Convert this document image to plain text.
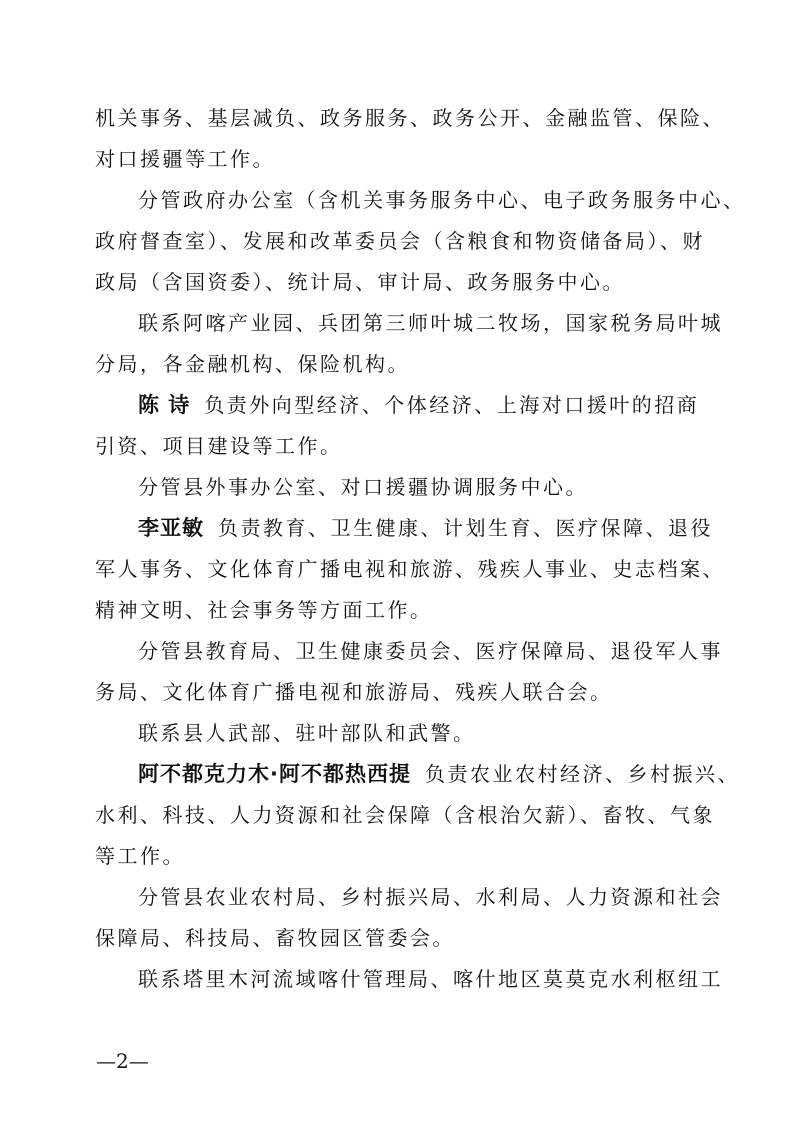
机关事务、基层减负、政务服务、政务公开、金融监管、保险、
对口援疆等工作。
分管政府办公室（含机关事务服务中心、电子政务服务中心、
政府督查室）、发展和改革委员会（含粮食和物资储备局）、财
政局（含国资委）、统计局、审计局、政务服务中心。
联系阿喀产业园、兵团第三师叶城二牧场，国家税务局叶城
分局，各金融机构、保险机构。
陈 诗 负责外向型经济、个体经济、上海对口援叶的招商
引资、项目建设等工作。
分管县外事办公室、对口援疆协调服务中心。
李亚敏 负责教育、卫生健康、计划生育、医疗保障、退役
军人事务、文化体育广播电视和旅游、残疾人事业、史志档案、
精神文明、社会事务等方面工作。
分管县教育局、卫生健康委员会、医疗保障局、退役军人事
务局、文化体育广播电视和旅游局、残疾人联合会。
联系县人武部、驻叶部队和武警。
阿不都克力木·阿不都热西提 负责农业农村经济、乡村振兴、
水利、科技、人力资源和社会保障（含根治欠薪）、畜牧、气象
等工作。
分管县农业农村局、乡村振兴局、水利局、人力资源和社会
保障局、科技局、畜牧园区管委会。
联系塔里木河流域喀什管理局、喀什地区莫莫克水利枢纽工
—2—
